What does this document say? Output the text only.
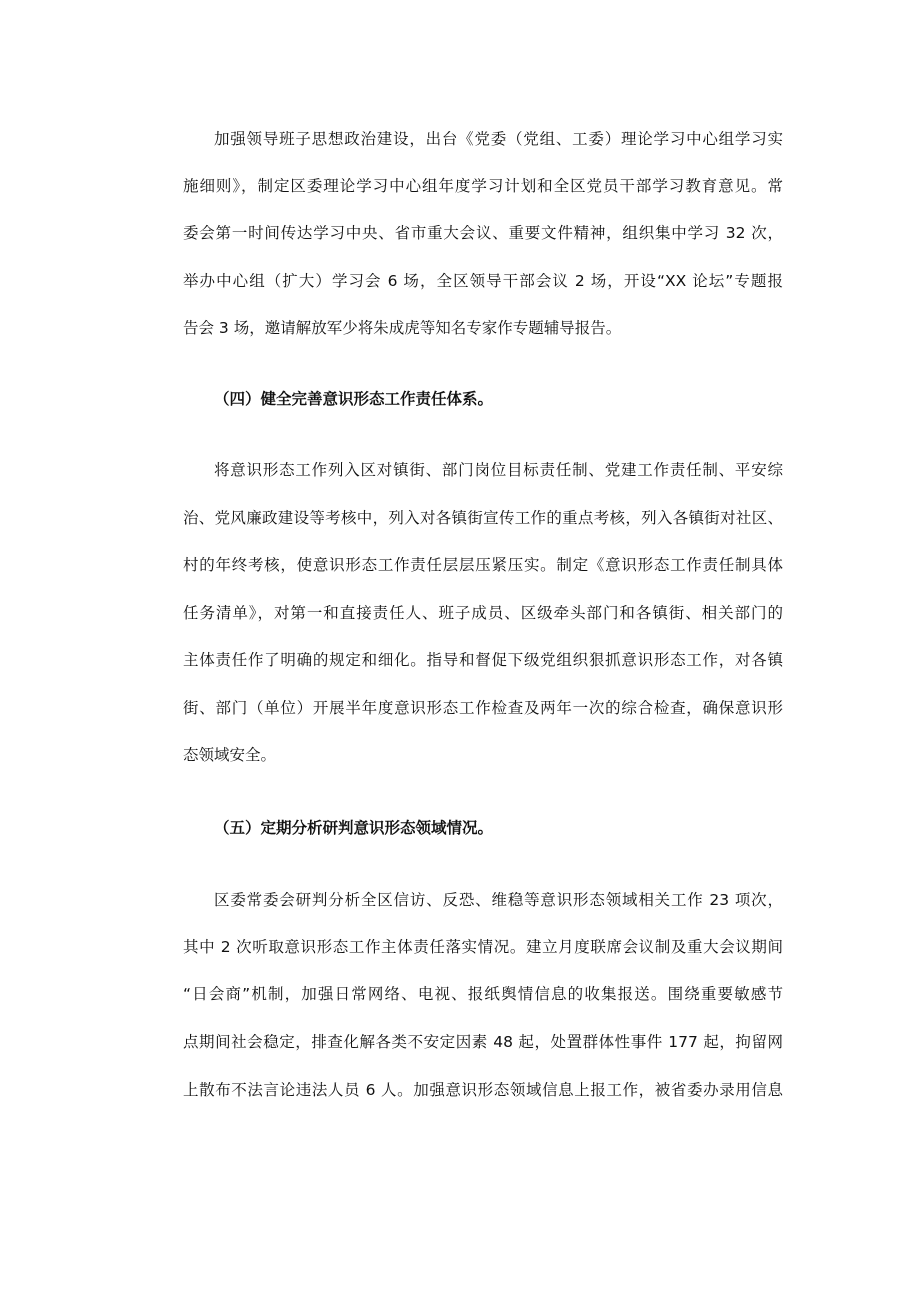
加强领导班子思想政治建设，出台《党委（党组、工委）理论学习中心组学习实
施细则》，制定区委理论学习中心组年度学习计划和全区党员干部学习教育意见。常
委会第一时间传达学习中央、省市重大会议、重要文件精神，组织集中学习 32 次，
举办中心组（扩大）学习会 6 场，全区领导干部会议 2 场，开设“XX 论坛”专题报
告会 3 场，邀请解放军少将朱成虎等知名专家作专题辅导报告。
（四）健全完善意识形态工作责任体系。
将意识形态工作列入区对镇街、部门岗位目标责任制、党建工作责任制、平安综
治、党风廉政建设等考核中，列入对各镇街宣传工作的重点考核，列入各镇街对社区、
村的年终考核，使意识形态工作责任层层压紧压实。制定《意识形态工作责任制具体
任务清单》，对第一和直接责任人、班子成员、区级牵头部门和各镇街、相关部门的
主体责任作了明确的规定和细化。指导和督促下级党组织狠抓意识形态工作，对各镇
街、部门（单位）开展半年度意识形态工作检查及两年一次的综合检查，确保意识形
态领域安全。
（五）定期分析研判意识形态领域情况。
区委常委会研判分析全区信访、反恐、维稳等意识形态领域相关工作 23 项次，
其中 2 次听取意识形态工作主体责任落实情况。建立月度联席会议制及重大会议期间
“日会商”机制，加强日常网络、电视、报纸舆情信息的收集报送。围绕重要敏感节
点期间社会稳定，排查化解各类不安定因素 48 起，处置群体性事件 177 起，拘留网
上散布不法言论违法人员 6 人。加强意识形态领域信息上报工作，被省委办录用信息
